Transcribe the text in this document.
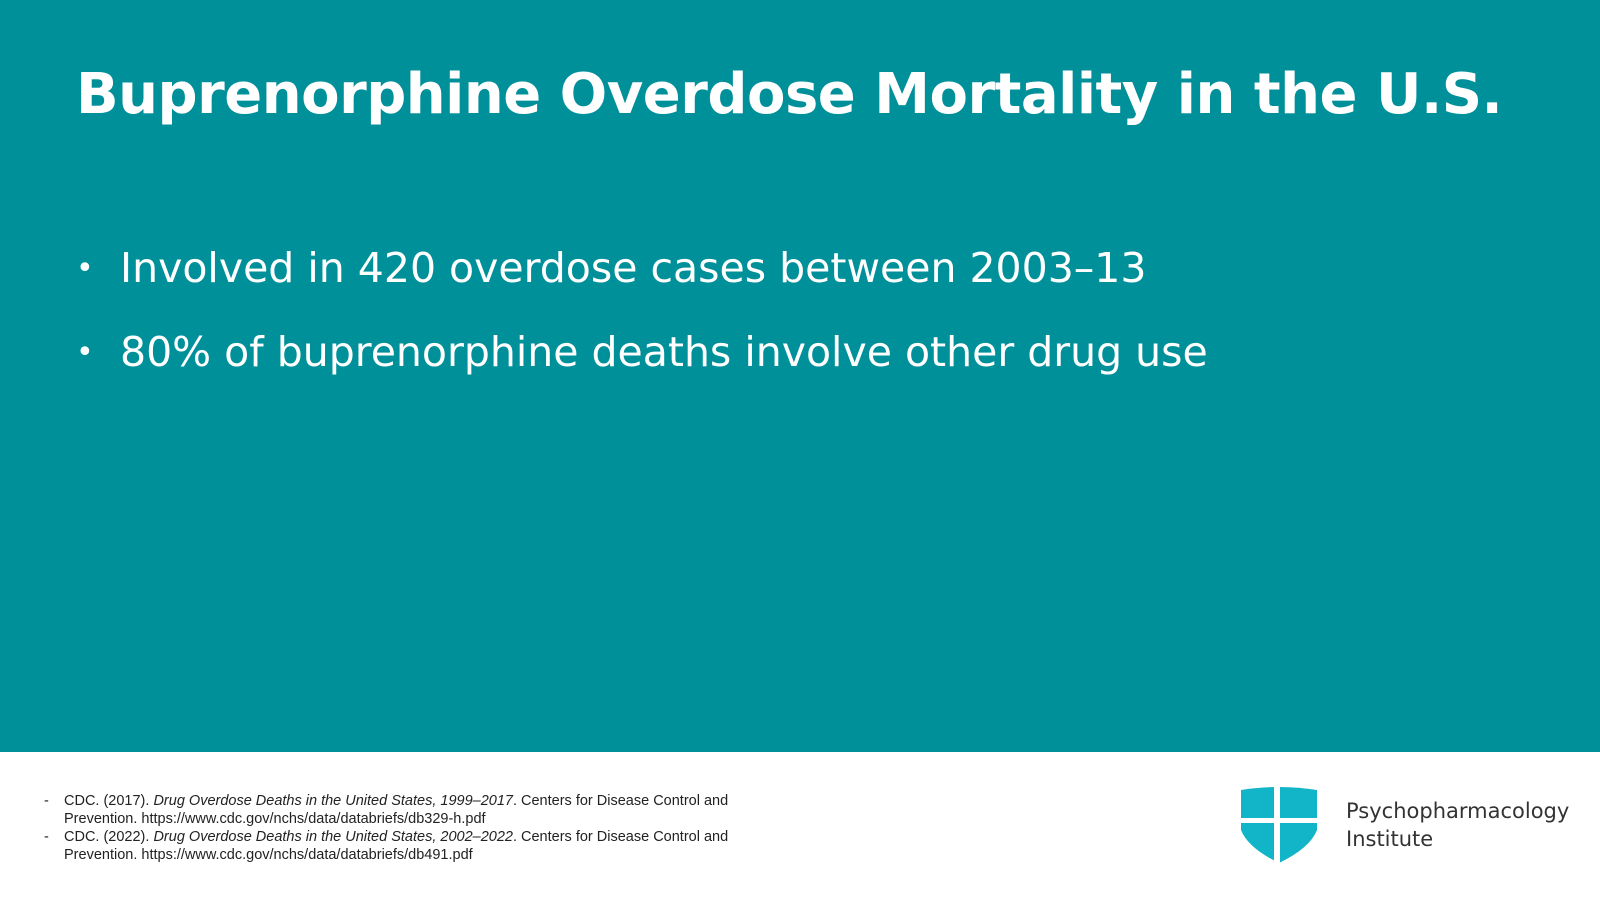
Buprenorphine Overdose Mortality in the U.S.
• Involved in 420 overdose cases between 2003–13
• 80% of buprenorphine deaths involve other drug use
-	CDC. (2017). Drug Overdose Deaths in the United States, 1999–2017. Centers for Disease Control and Prevention. https://www.cdc.gov/nchs/data/databriefs/db329-h.pdf
-	CDC. (2022). Drug Overdose Deaths in the United States, 2002–2022. Centers for Disease Control and Prevention. https://www.cdc.gov/nchs/data/databriefs/db491.pdf
Psychopharmacology
Institute
